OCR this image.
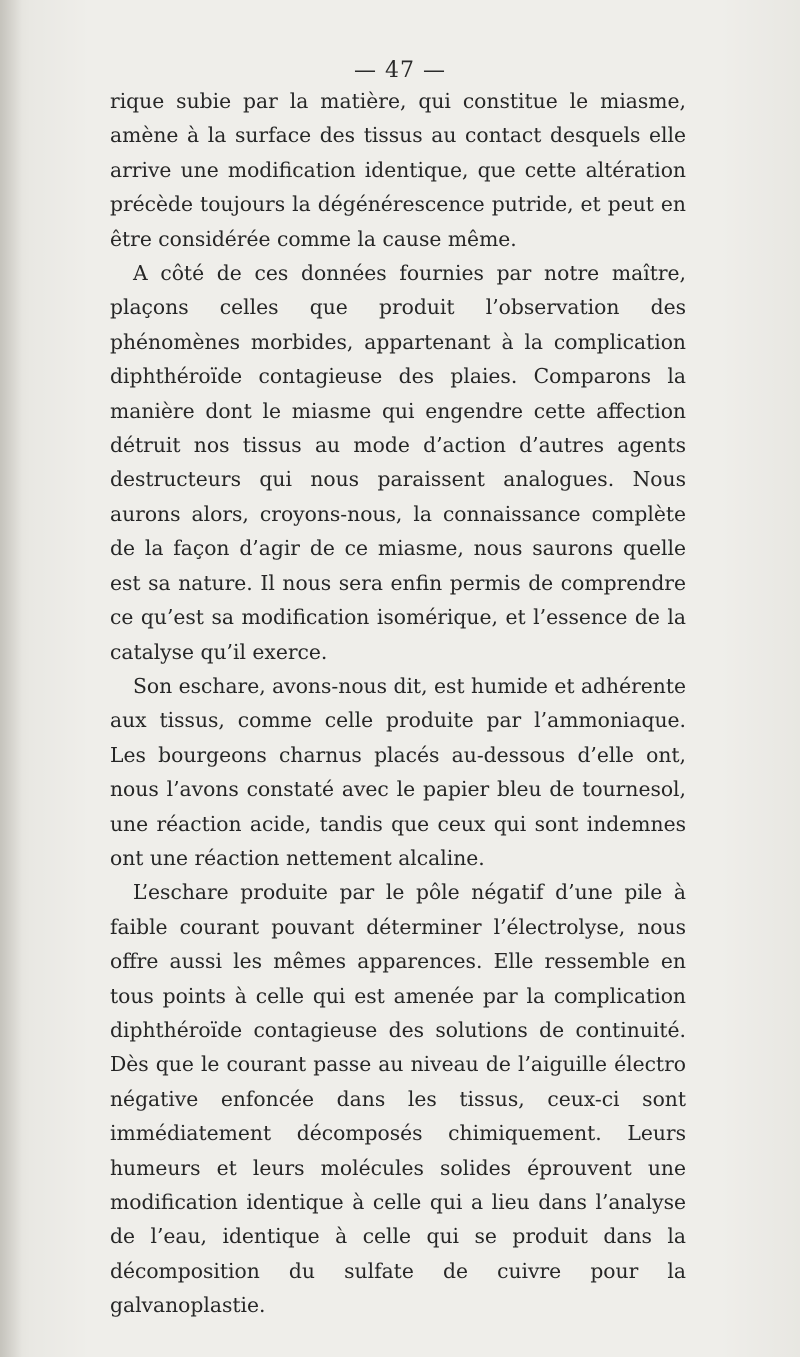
— 47 —

rique subie par la matière, qui constitue le miasme, amène à la surface des tissus au contact desquels elle arrive une modification identique, que cette altération précède toujours la dégénérescence putride, et peut en être considérée comme la cause même.

A côté de ces données fournies par notre maître, plaçons celles que produit l’observation des phénomènes morbides, appartenant à la complication diphthéroïde contagieuse des plaies. Comparons la manière dont le miasme qui engendre cette affection détruit nos tissus au mode d’action d’autres agents destructeurs qui nous paraissent analogues. Nous aurons alors, croyons-nous, la connaissance complète de la façon d’agir de ce miasme, nous saurons quelle est sa nature. Il nous sera enfin permis de comprendre ce qu’est sa modification isomérique, et l’essence de la catalyse qu’il exerce.

Son eschare, avons-nous dit, est humide et adhérente aux tissus, comme celle produite par l’ammoniaque. Les bourgeons charnus placés au-dessous d’elle ont, nous l’avons constaté avec le papier bleu de tournesol, une réaction acide, tandis que ceux qui sont indemnes ont une réaction nettement alcaline.

L’eschare produite par le pôle négatif d’une pile à faible courant pouvant déterminer l’électrolyse, nous offre aussi les mêmes apparences. Elle ressemble en tous points à celle qui est amenée par la complication diphthéroïde contagieuse des solutions de continuité. Dès que le courant passe au niveau de l’aiguille électro négative enfoncée dans les tissus, ceux-ci sont immédiatement décomposés chimiquement. Leurs humeurs et leurs molécules solides éprouvent une modification identique à celle qui a lieu dans l’analyse de l’eau, identique à celle qui se produit dans la décomposition du sulfate de cuivre pour la galvanoplastie.
